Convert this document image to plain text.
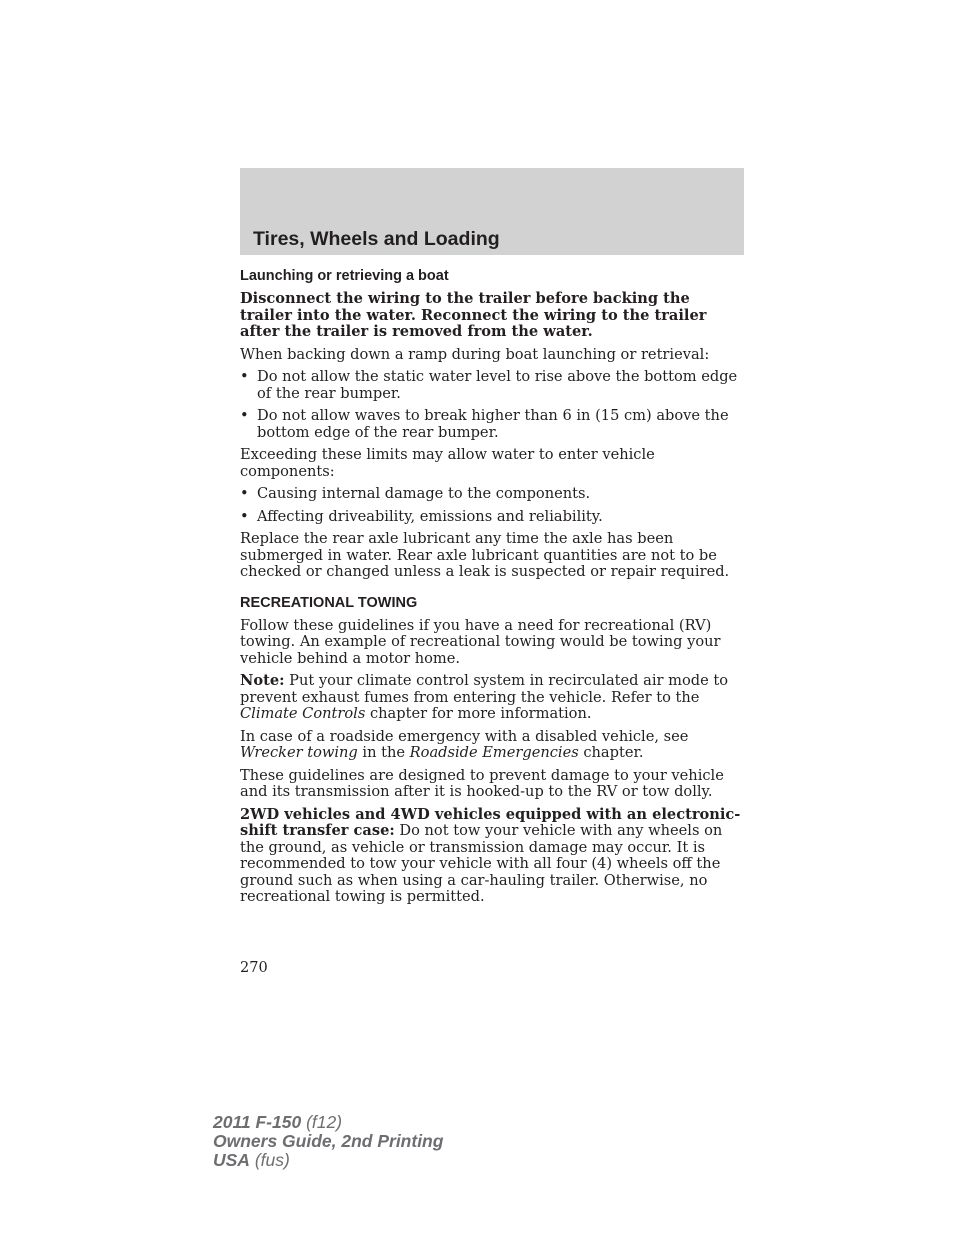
Tires, Wheels and Loading
Launching or retrieving a boat

Disconnect the wiring to the trailer before backing the trailer into the water. Reconnect the wiring to the trailer after the trailer is removed from the water.

When backing down a ramp during boat launching or retrieval:

• Do not allow the static water level to rise above the bottom edge of the rear bumper.
• Do not allow waves to break higher than 6 in (15 cm) above the bottom edge of the rear bumper.

Exceeding these limits may allow water to enter vehicle components:

• Causing internal damage to the components.
• Affecting driveability, emissions and reliability.

Replace the rear axle lubricant any time the axle has been submerged in water. Rear axle lubricant quantities are not to be checked or changed unless a leak is suspected or repair required.

RECREATIONAL TOWING

Follow these guidelines if you have a need for recreational (RV) towing. An example of recreational towing would be towing your vehicle behind a motor home.

Note: Put your climate control system in recirculated air mode to prevent exhaust fumes from entering the vehicle. Refer to the Climate Controls chapter for more information.

In case of a roadside emergency with a disabled vehicle, see Wrecker towing in the Roadside Emergencies chapter.

These guidelines are designed to prevent damage to your vehicle and its transmission after it is hooked-up to the RV or tow dolly.

2WD vehicles and 4WD vehicles equipped with an electronic-shift transfer case: Do not tow your vehicle with any wheels on the ground, as vehicle or transmission damage may occur. It is recommended to tow your vehicle with all four (4) wheels off the ground such as when using a car-hauling trailer. Otherwise, no recreational towing is permitted.

270
2011 F-150 (f12)
Owners Guide, 2nd Printing
USA (fus)
